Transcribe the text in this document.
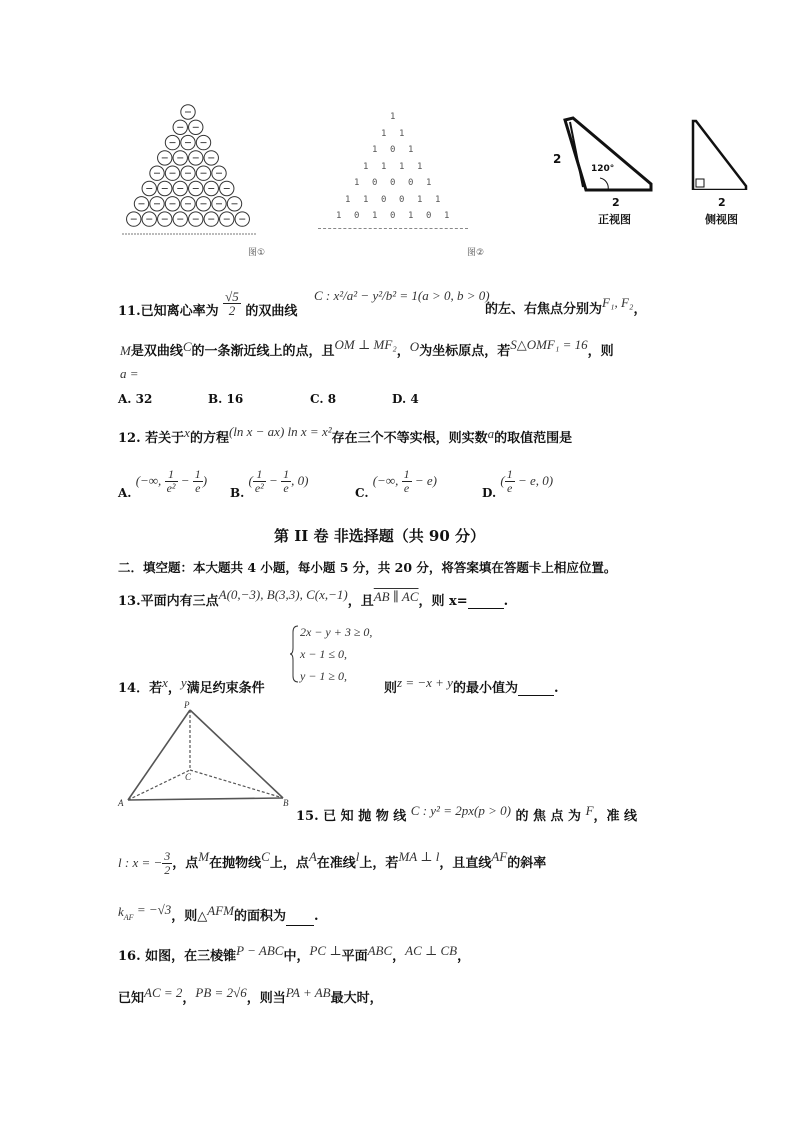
图①
1
1 1
1 0 1
1 1 1 1
1 0 0 0 1
1 1 0 0 1 1
1 0 1 0 1 0 1
图②
2
120°
2
正视图
2
侧视图
11.已知离心率为 $\frac{√5}{2}$ 的双曲线
C : x²/a² − y²/b² = 1(a > 0, b > 0)
的左、右焦点分别为F₁, F₂，
M是双曲线C的一条渐近线上的点，且OM ⊥ MF₂，O为坐标原点，若S△OMF₁ = 16，则
a =
A. 32	B. 16	C. 8	D. 4
12. 若关于x的方程(ln x − ax) ln x = x²存在三个不等实根，则实数a的取值范围是
A. (−∞, $\frac{1}{\text{e²}} - \frac{1}{e}$ )
B. ( $\frac{1}{\text{e²}} - \frac{1}{e}$ , 0)
C. (−∞, $\frac{1}{e} - e$)
D. ( $\frac{1}{e} - e$, 0)
第 II 卷 非选择题（共 90 分）
二．填空题：本大题共 4 小题，每小题 5 分，共 20 分，将答案填在答题卡上相应位置。
13.平面内有三点A(0,−3), B(3,3), C(x,−1)，且AB ∥ AC，则 x=	.
2x − y + 3 ≥ 0,
x − 1 ≤ 0,
y − 1 ≥ 0,
14．若x，y满足约束条件	则z = −x + y的最小值为	.
P
A	B
C
15. 已 知 抛 物 线 C : y² = 2px(p > 0) 的 焦 点 为 F，准 线
l : x = − $\frac{3}{2}$ ，点M在抛物线C上，点A在准线l上，若MA ⊥ l，且直线AF的斜率
$k_{AF} = -√3$，则△AFM的面积为 .
16. 如图，在三棱锥P − ABC中，PC ⊥平面ABC，AC ⊥ CB，
已知AC = 2，PB = 2√6，则当PA + AB最大时，
